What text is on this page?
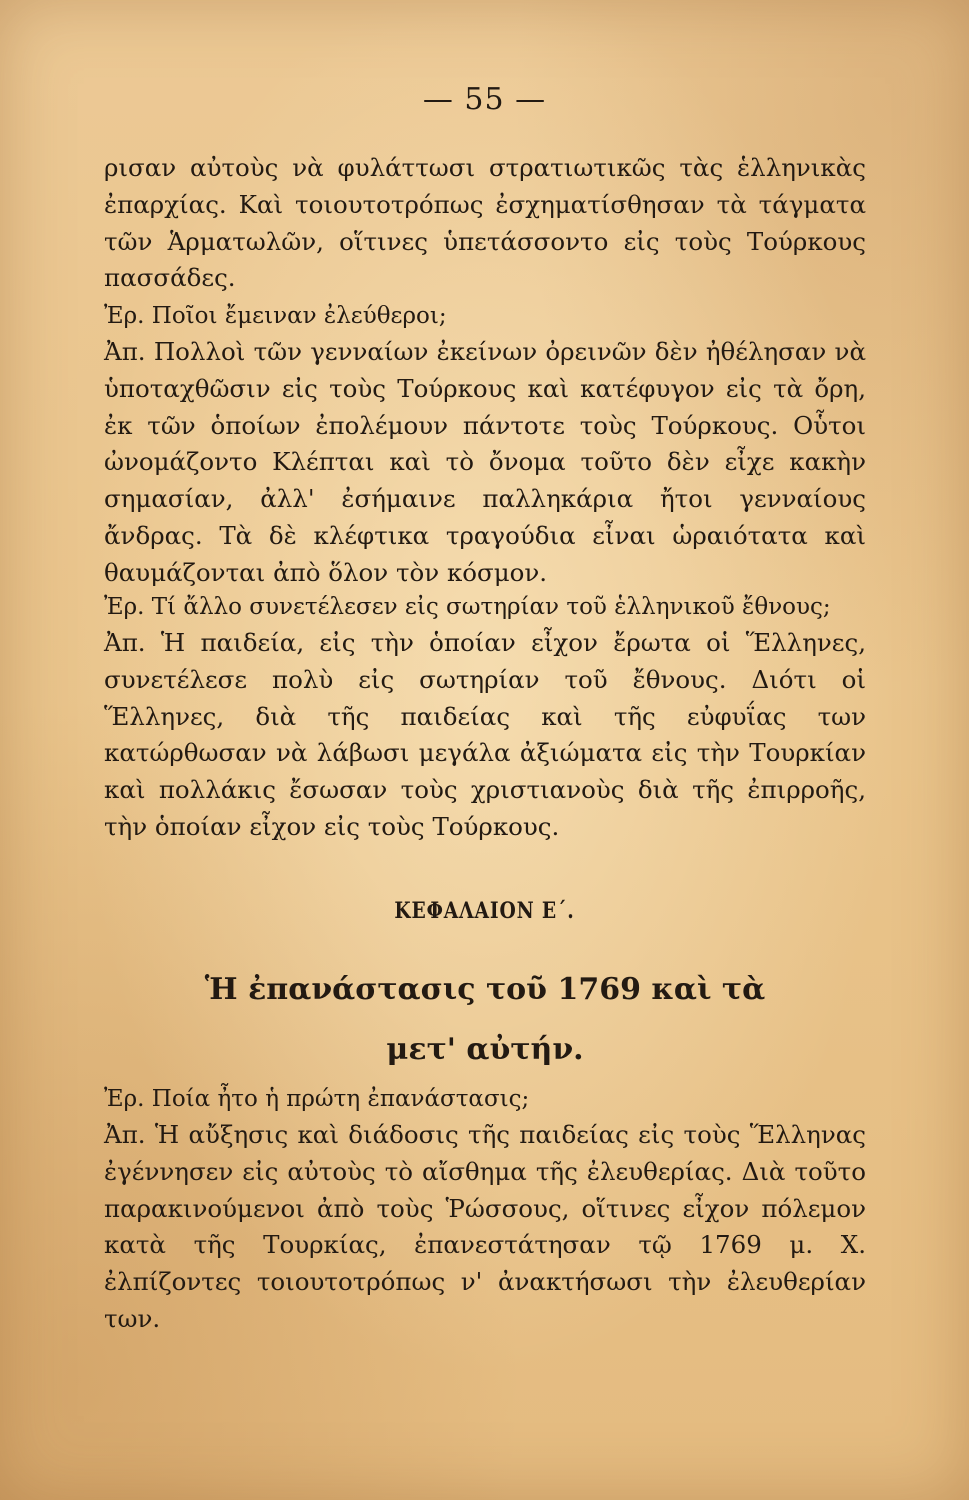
— 55 —

ρισαν αὐτοὺς νὰ φυλάττωσι στρατιωτικῶς τὰς ἑλληνικὰς ἐπαρχίας. Καὶ τοιουτοτρόπως ἐσχηματίσθησαν τὰ τάγματα τῶν Ἁρματωλῶν, οἵτινες ὑπετάσσοντο εἰς τοὺς Τούρκους πασσάδες.

Ἐρ. Ποῖοι ἔμειναν ἐλεύθεροι;

Ἀπ. Πολλοὶ τῶν γενναίων ἐκείνων ὀρεινῶν δὲν ἠθέλησαν νὰ ὑποταχθῶσιν εἰς τοὺς Τούρκους καὶ κατέφυγον εἰς τὰ ὄρη, ἐκ τῶν ὁποίων ἐπολέμουν πάντοτε τοὺς Τούρκους. Οὗτοι ὠνομάζοντο Κλέπται καὶ τὸ ὄνομα τοῦτο δὲν εἶχε κακὴν σημασίαν, ἀλλ' ἐσήμαινε παλληκάρια ἤτοι γενναίους ἄνδρας. Τὰ δὲ κλέφτικα τραγούδια εἶναι ὡραιότατα καὶ θαυμάζονται ἀπὸ ὅλον τὸν κόσμον.

Ἐρ. Τί ἄλλο συνετέλεσεν εἰς σωτηρίαν τοῦ ἑλληνικοῦ ἔθνους;

Ἀπ. Ἡ παιδεία, εἰς τὴν ὁποίαν εἶχον ἔρωτα οἱ Ἕλληνες, συνετέλεσε πολὺ εἰς σωτηρίαν τοῦ ἔθνους. Διότι οἱ Ἕλληνες, διὰ τῆς παιδείας καὶ τῆς εὐφυΐας των κατώρθωσαν νὰ λάβωσι μεγάλα ἀξιώματα εἰς τὴν Τουρκίαν καὶ πολλάκις ἔσωσαν τοὺς χριστιανοὺς διὰ τῆς ἐπιρροῆς, τὴν ὁποίαν εἶχον εἰς τοὺς Τούρκους.

ΚΕΦΑΛΑΙΟΝ Ε΄.

Ἡ ἐπανάστασις τοῦ 1769 καὶ τὰ μετ' αὐτήν.

Ἐρ. Ποία ἦτο ἡ πρώτη ἐπανάστασις;

Ἀπ. Ἡ αὔξησις καὶ διάδοσις τῆς παιδείας εἰς τοὺς Ἕλληνας ἐγέννησεν εἰς αὐτοὺς τὸ αἴσθημα τῆς ἐλευθερίας. Διὰ τοῦτο παρακινούμενοι ἀπὸ τοὺς Ῥώσσους, οἵτινες εἶχον πόλεμον κατὰ τῆς Τουρκίας, ἐπανεστάτησαν τῷ 1769 μ. Χ. ἐλπίζοντες τοιουτοτρόπως ν' ἀνακτήσωσι τὴν ἐλευθερίαν των.
